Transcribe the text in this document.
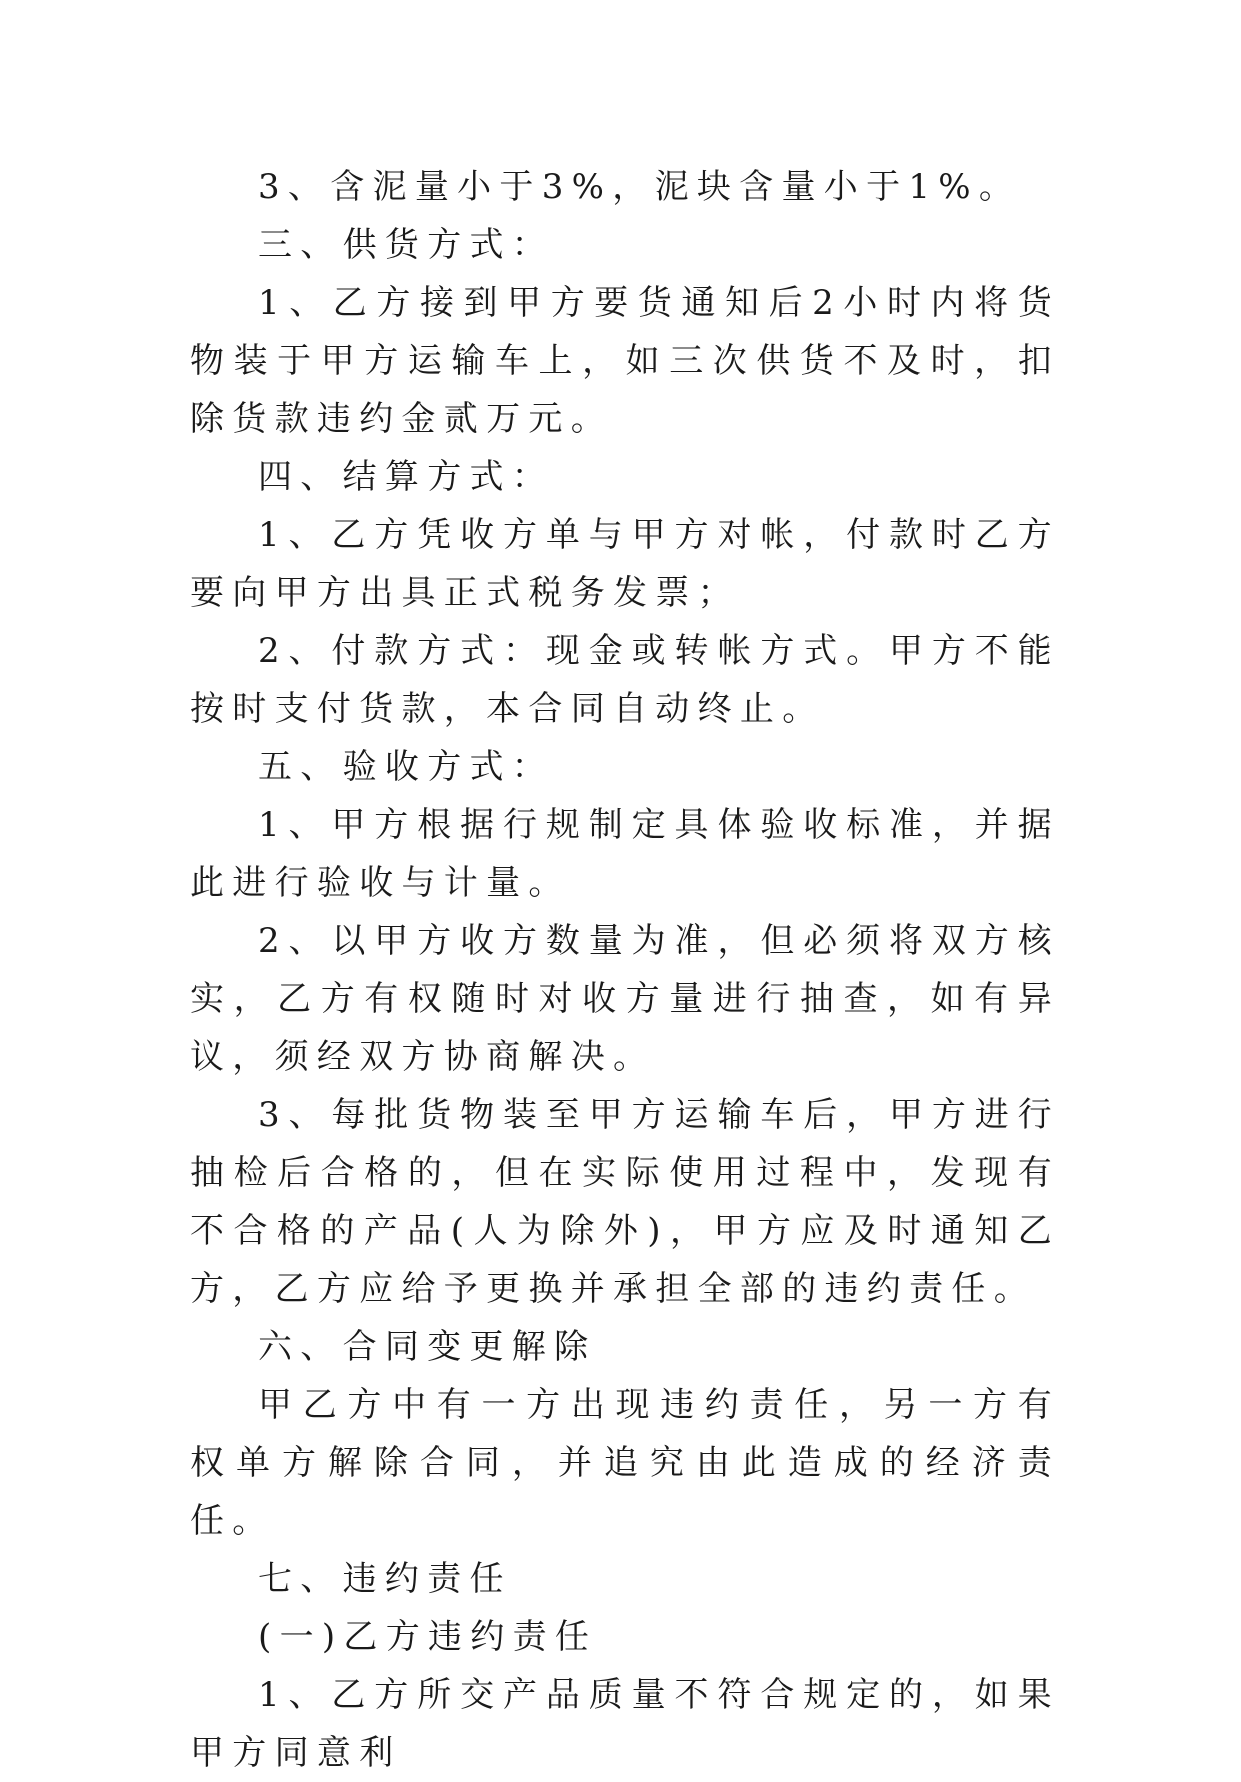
3、含泥量小于3%，泥块含量小于1%。

三、供货方式：

1、乙方接到甲方要货通知后2小时内将货物装于甲方运输车上，如三次供货不及时，扣除货款违约金贰万元。

四、结算方式：

1、乙方凭收方单与甲方对帐，付款时乙方要向甲方出具正式税务发票；

2、付款方式：现金或转帐方式。甲方不能按时支付货款，本合同自动终止。

五、验收方式：

1、甲方根据行规制定具体验收标准，并据此进行验收与计量。

2、以甲方收方数量为准，但必须将双方核实，乙方有权随时对收方量进行抽查，如有异议，须经双方协商解决。

3、每批货物装至甲方运输车后，甲方进行抽检后合格的，但在实际使用过程中，发现有不合格的产品(人为除外)，甲方应及时通知乙方，乙方应给予更换并承担全部的违约责任。

六、合同变更解除

甲乙方中有一方出现违约责任，另一方有权单方解除合同，并追究由此造成的经济责任。

七、违约责任

(一)乙方违约责任

1、乙方所交产品质量不符合规定的，如果甲方同意利
